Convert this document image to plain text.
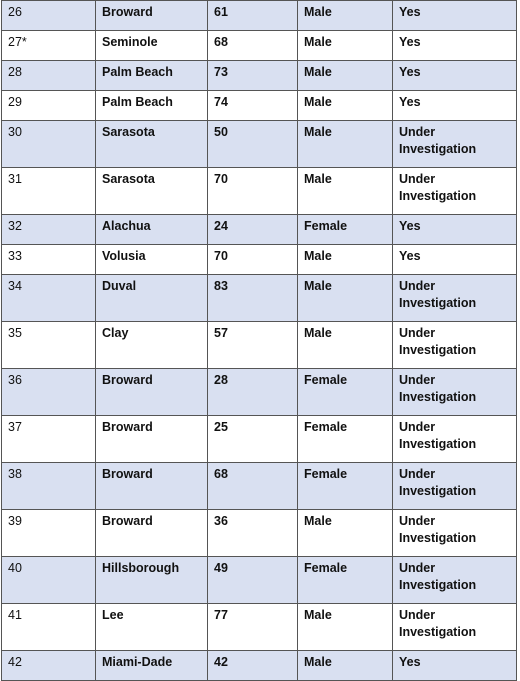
26	Broward	61	Male	Yes
27*	Seminole	68	Male	Yes
28	Palm Beach	73	Male	Yes
29	Palm Beach	74	Male	Yes
30	Sarasota	50	Male	Under Investigation
31	Sarasota	70	Male	Under Investigation
32	Alachua	24	Female	Yes
33	Volusia	70	Male	Yes
34	Duval	83	Male	Under Investigation
35	Clay	57	Male	Under Investigation
36	Broward	28	Female	Under Investigation
37	Broward	25	Female	Under Investigation
38	Broward	68	Female	Under Investigation
39	Broward	36	Male	Under Investigation
40	Hillsborough	49	Female	Under Investigation
41	Lee	77	Male	Under Investigation
42	Miami-Dade	42	Male	Yes
